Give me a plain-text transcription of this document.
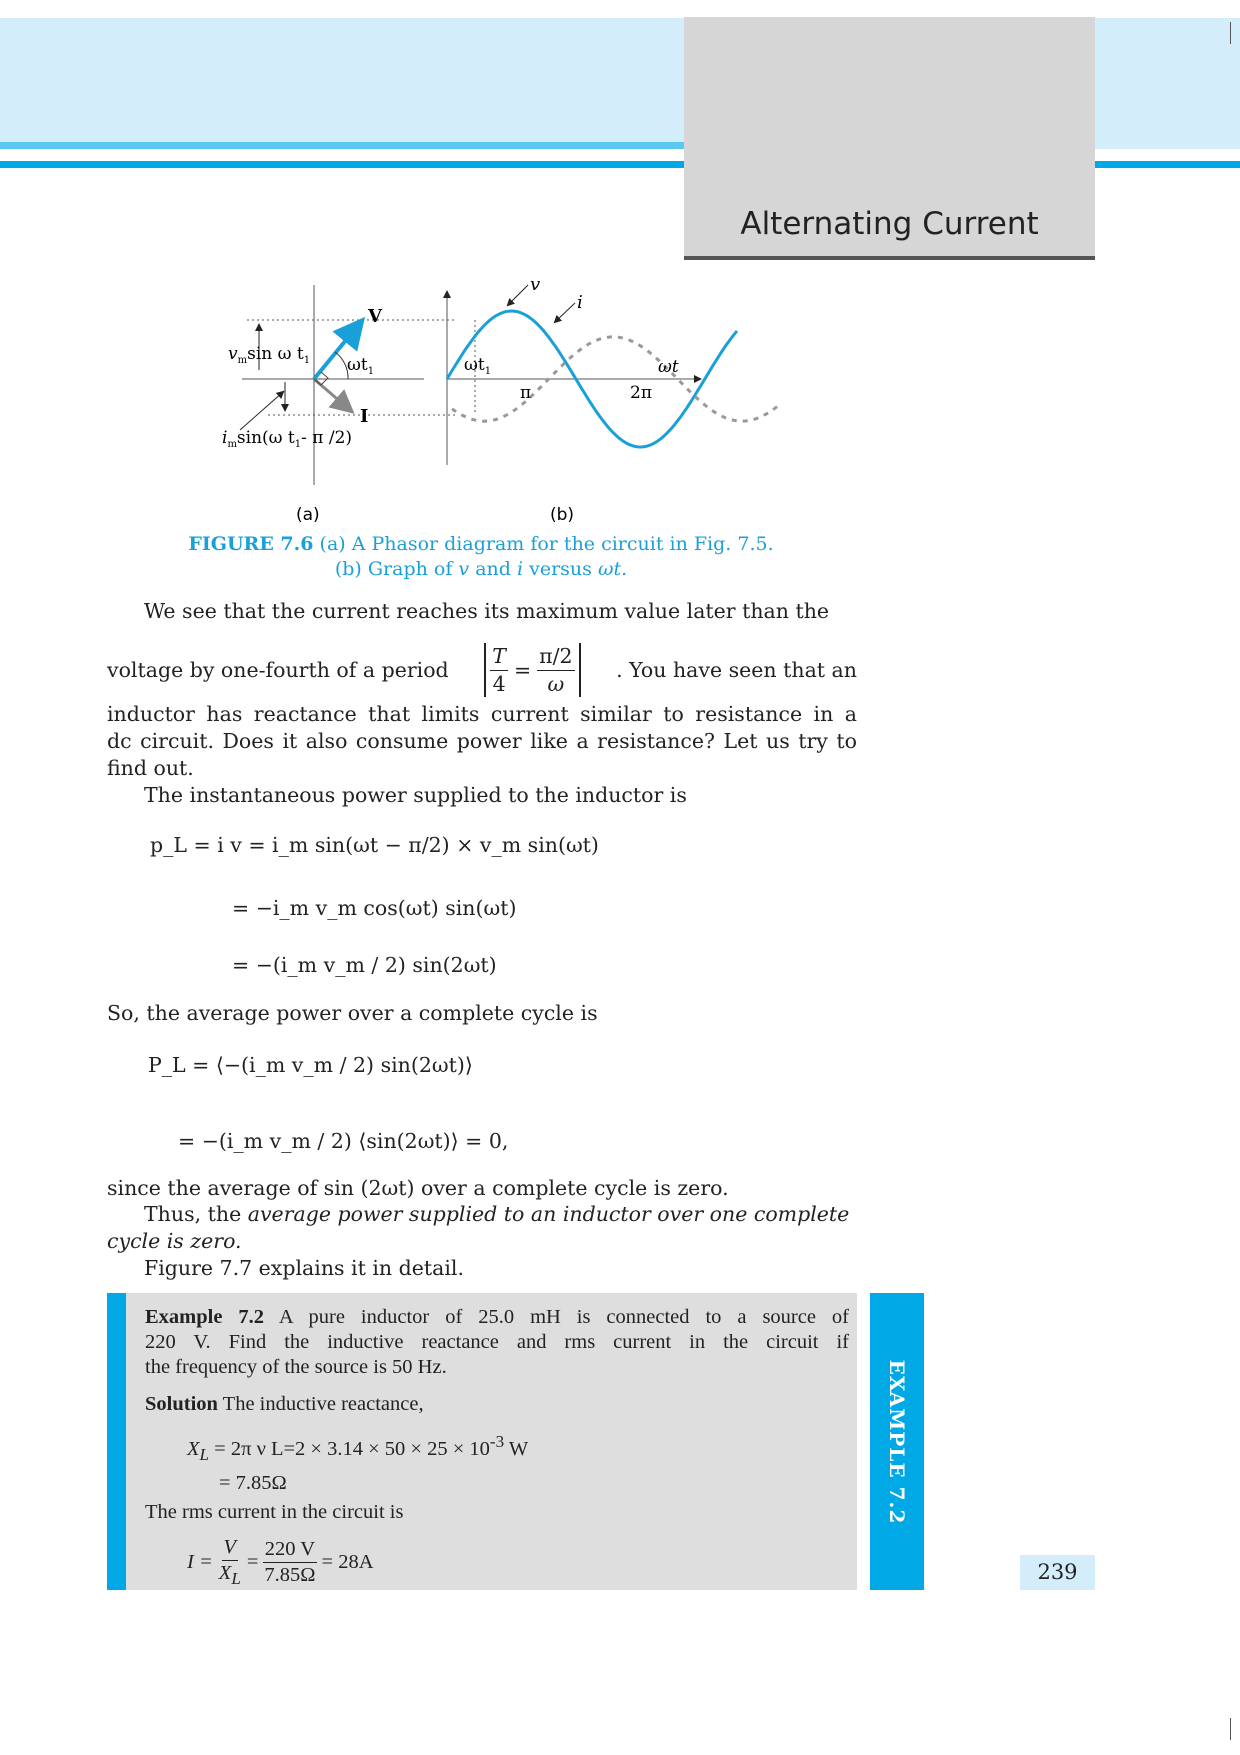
Alternating Current
V
I
$\omega t_1$
$v_m\sin$ ω $t_1$
$i_m\sin(\omega$ $t_1-$ π /2)
v
i
$\omega t_1$
π	2π
ωt
(a)	(b)
FIGURE 7.6 (a) A Phasor diagram for the circuit in Fig. 7.5.
(b) Graph of v and i versus ωt.
We see that the current reaches its maximum value later than the
voltage by one-fourth of a period $\frac{T}{4} = \frac{\pi/2}{\omega}$ . You have seen that an
inductor has reactance that limits current similar to resistance in a
dc circuit. Does it also consume power like a resistance? Let us try to
find out.
The instantaneous power supplied to the inductor is
p_L = i v = i_m sin(ωt − π/2) × v_m sin(ωt)
= −i_m v_m cos(ωt) sin(ωt)
= −(i_m v_m / 2) sin(2ωt)
So, the average power over a complete cycle is
P_L = ⟨−(i_m v_m / 2) sin(2ωt)⟩
= −(i_m v_m / 2) ⟨sin(2ωt)⟩ = 0,
since the average of sin (2ωt) over a complete cycle is zero.
Thus, the average power supplied to an inductor over one complete
cycle is zero.
Figure 7.7 explains it in detail.
Example 7.2 A pure inductor of 25.0 mH is connected to a source of
220 V. Find the inductive reactance and rms current in the circuit if
the frequency of the source is 50 Hz.
Solution The inductive reactance,
$X_L = 2\pi$ ν $L=2 \times 3.14 \times 50 \times 25 \times 10^{-3}$ W
= 7.85Ω
The rms current in the circuit is
$I = \frac{V}{X_L} = \frac{220 V}{7.85\Omega} = 28A$
EXAMPLE 7.2
239
